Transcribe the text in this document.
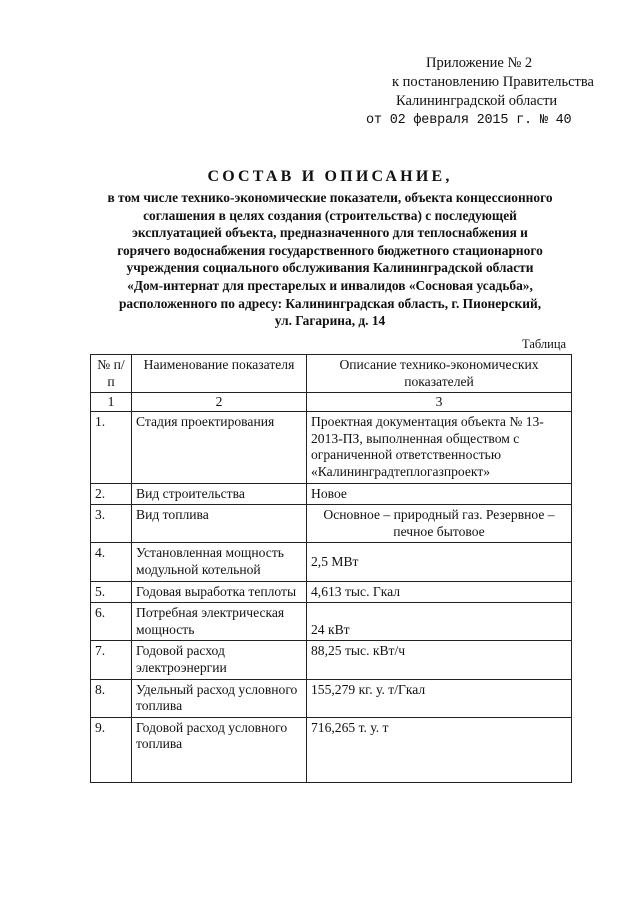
Приложение № 2
к постановлению Правительства
Калининградской области
от 02 февраля 2015 г. № 40
СОСТАВ И ОПИСАНИЕ,
в том числе технико-экономические показатели, объекта концессионного
соглашения в целях создания (строительства) с последующей
эксплуатацией объекта, предназначенного для теплоснабжения и
горячего водоснабжения государственного бюджетного стационарного
учреждения социального обслуживания Калининградской области
«Дом-интернат для престарелых и инвалидов «Сосновая усадьба»,
расположенного по адресу: Калининградская область, г. Пионерский,
ул. Гагарина, д. 14
Таблица
№ п/п	Наименование показателя	Описание технико-экономических показателей
1	2	3
1.	Стадия проектирования	Проектная документация объекта № 13-2013-ПЗ, выполненная обществом с ограниченной ответственностью «Калининградтеплогазпроект»
2.	Вид строительства	Новое
3.	Вид топлива	Основное – природный газ. Резервное – печное бытовое
4.	Установленная мощность модульной котельной	2,5 МВт
5.	Годовая выработка теплоты	4,613 тыс. Гкал
6.	Потребная электрическая мощность	24 кВт
7.	Годовой расход электроэнергии	88,25 тыс. кВт/ч
8.	Удельный расход условного топлива	155,279 кг. у. т/Гкал
9.	Годовой расход условного топлива	716,265 т. у. т
